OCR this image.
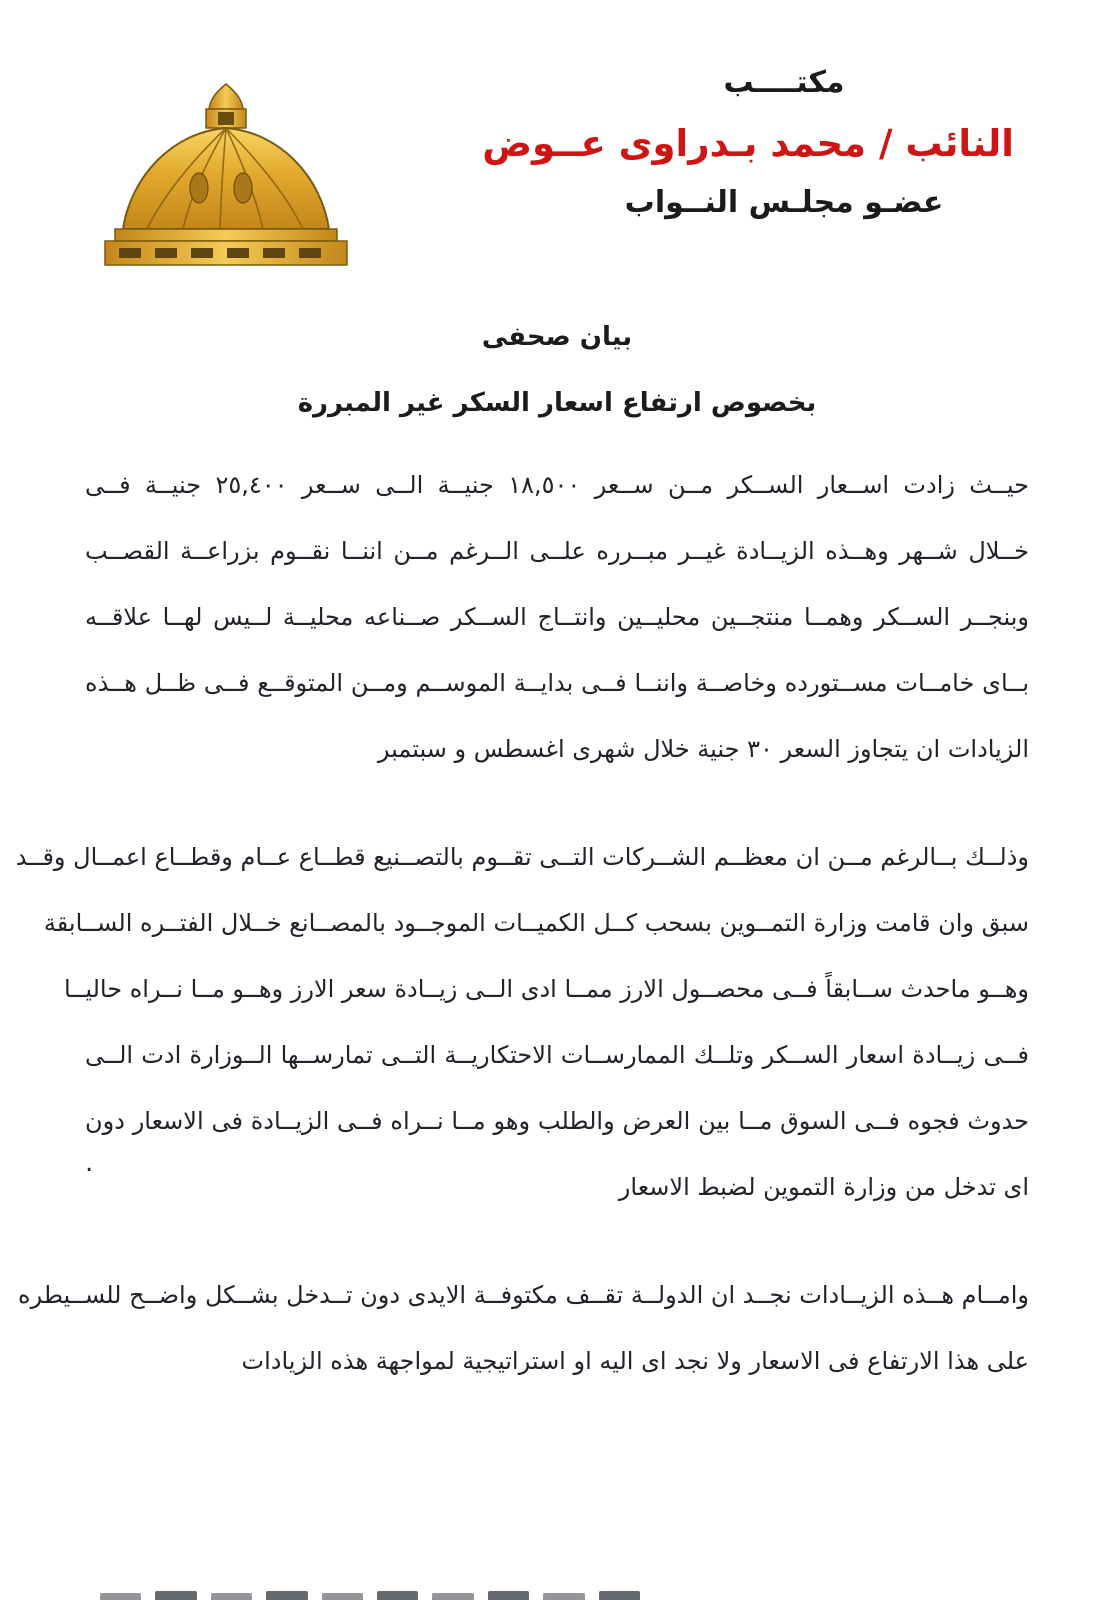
مكتــــب
النائب / محمد بـدراوى عــوض
عضـو مجلـس النــواب
بيان صحفى
بخصوص ارتفاع اسعار السكر غير المبررة
حيــث زادت اســعار الســكر مــن ســعر ١٨,٥٠٠ جنيــة الــى ســعر ٢٥,٤٠٠ جنيــة فــى
خــلال شــهر وهــذه الزيــادة غيــر مبــرره علــى الــرغم مــن اننــا نقــوم بزراعــة القصــب
وبنجــر الســكر وهمــا منتجــين محليــين وانتــاج الســكر صــناعه محليــة لــيس لهــا علاقــه
بــاى خامــات مســتورده وخاصــة واننــا فــى بدايــة الموســم ومــن المتوقــع فــى ظــل هــذه
الزيادات ان يتجاوز السعر ٣٠ جنية خلال شهرى اغسطس و سبتمبر
وذلــك بــالرغم مــن ان معظــم الشــركات التــى تقــوم بالتصــنيع قطــاع عــام وقطــاع اعمــال وقــد
سبق وان قامت وزارة التمــوين بسحب كــل الكميــات الموجــود بالمصــانع خــلال الفتــره الســابقة
وهــو ماحدث ســابقاً فــى محصــول الارز ممــا ادى الــى زيــادة سعر الارز وهــو مــا نــراه حاليــا
فــى زيــادة اسعار الســكر وتلــك الممارســات الاحتكاريــة التــى تمارســها الــوزارة ادت الــى
حدوث فجوه فــى السوق مــا بين العرض والطلب وهو مــا نــراه فــى الزيــادة فى الاسعار دون
اى تدخل من وزارة التموين لضبط الاسعار
وامــام هــذه الزيــادات نجــد ان الدولــة تقــف مكتوفــة الايدى دون تــدخل بشــكل واضــح للســيطره
على هذا الارتفاع فى الاسعار ولا نجد اى اليه او استراتيجية لمواجهة هذه الزيادات
.
